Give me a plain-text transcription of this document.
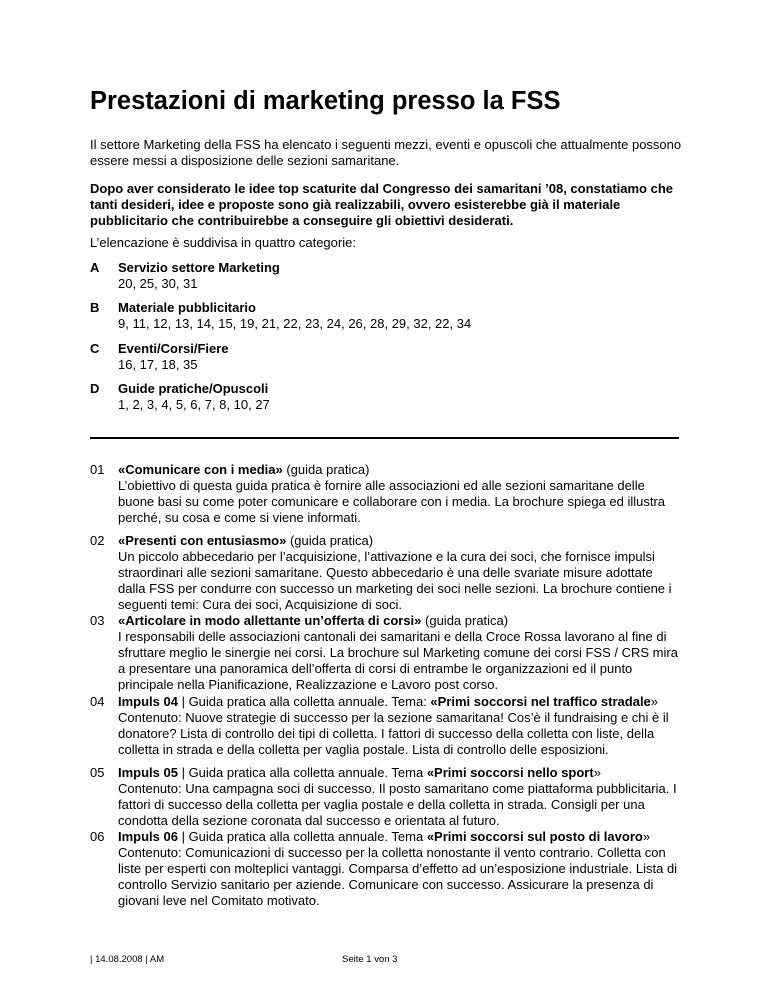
Prestazioni di marketing presso la FSS

Il settore Marketing della FSS ha elencato i seguenti mezzi, eventi e opuscoli che attualmente possono essere messi a disposizione delle sezioni samaritane.

Dopo aver considerato le idee top scaturite dal Congresso dei samaritani ’08, constatiamo che tanti desideri, idee e proposte sono già realizzabili, ovvero esisterebbe già il materiale pubblicitario che contribuirebbe a conseguire gli obiettivi desiderati.

L’elencazione è suddivisa in quattro categorie:

A Servizio settore Marketing
20, 25, 30, 31
B Materiale pubblicitario
9, 11, 12, 13, 14, 15, 19, 21, 22, 23, 24, 26, 28, 29, 32, 22, 34
C Eventi/Corsi/Fiere
16, 17, 18, 35
D Guide pratiche/Opuscoli
1, 2, 3, 4, 5, 6, 7, 8, 10, 27
01 «Comunicare con i media» (guida pratica)
L’obiettivo di questa guida pratica è fornire alle associazioni ed alle sezioni samaritane delle buone basi su come poter comunicare e collaborare con i media. La brochure spiega ed illustra perché, su cosa e come si viene informati.
02 «Presenti con entusiasmo» (guida pratica)
Un piccolo abbecedario per l’acquisizione, l’attivazione e la cura dei soci, che fornisce impulsi straordinari alle sezioni samaritane. Questo abbecedario è una delle svariate misure adottate dalla FSS per condurre con successo un marketing dei soci nelle sezioni. La brochure contiene i seguenti temi: Cura dei soci, Acquisizione di soci.
03 «Articolare in modo allettante un’offerta di corsi» (guida pratica)
I responsabili delle associazioni cantonali dei samaritani e della Croce Rossa lavorano al fine di sfruttare meglio le sinergie nei corsi. La brochure sul Marketing comune dei corsi FSS / CRS mira a presentare una panoramica dell’offerta di corsi di entrambe le organizzazioni ed il punto principale nella Pianificazione, Realizzazione e Lavoro post corso.
04 Impuls 04 | Guida pratica alla colletta annuale. Tema: «Primi soccorsi nel traffico stradale»
Contenuto: Nuove strategie di successo per la sezione samaritana! Cos’è il fundraising e chi è il donatore? Lista di controllo dei tipi di colletta. I fattori di successo della colletta con liste, della colletta in strada e della colletta per vaglia postale. Lista di controllo delle esposizioni.
05 Impuls 05 | Guida pratica alla colletta annuale. Tema «Primi soccorsi nello sport»
Contenuto: Una campagna soci di successo. Il posto samaritano come piattaforma pubblicitaria. I fattori di successo della colletta per vaglia postale e della colletta in strada. Consigli per una condotta della sezione coronata dal successo e orientata al futuro.
06 Impuls 06 | Guida pratica alla colletta annuale. Tema «Primi soccorsi sul posto di lavoro»
Contenuto: Comunicazioni di successo per la colletta nonostante il vento contrario. Colletta con liste per esperti con molteplici vantaggi. Comparsa d’effetto ad un’esposizione industriale. Lista di controllo Servizio sanitario per aziende. Comunicare con successo. Assicurare la presenza di giovani leve nel Comitato motivato.
| 14.08.2008 | AM	Seite 1 von 3
